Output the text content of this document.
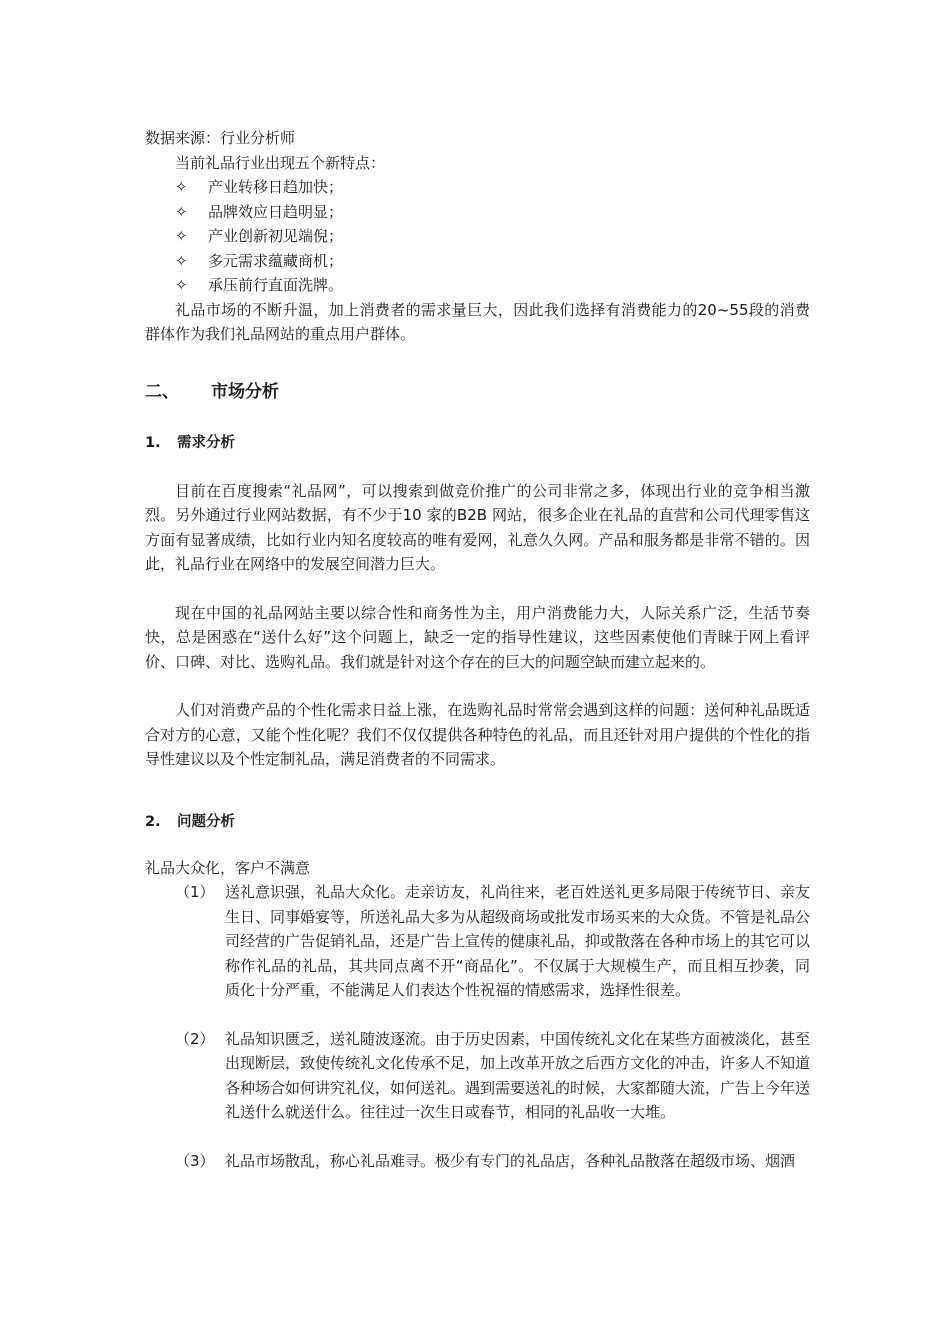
数据来源：行业分析师

当前礼品行业出现五个新特点：

✧	产业转移日趋加快；
✧	品牌效应日趋明显；
✧	产业创新初见端倪；
✧	多元需求蕴藏商机；
✧	承压前行直面洗牌。

礼品市场的不断升温，加上消费者的需求量巨大，因此我们选择有消费能力的20~55段的消费群体作为我们礼品网站的重点用户群体。

二、	市场分析
1.	需求分析

目前在百度搜索“礼品网”，可以搜索到做竞价推广的公司非常之多，体现出行业的竞争相当激烈。另外通过行业网站数据，有不少于10 家的B2B 网站，很多企业在礼品的直营和公司代理零售这方面有显著成绩，比如行业内知名度较高的唯有爱网，礼意久久网。产品和服务都是非常不错的。因此，礼品行业在网络中的发展空间潜力巨大。

现在中国的礼品网站主要以综合性和商务性为主，用户消费能力大，人际关系广泛，生活节奏快，总是困惑在“送什么好”这个问题上，缺乏一定的指导性建议，这些因素使他们青睐于网上看评价、口碑、对比、选购礼品。我们就是针对这个存在的巨大的问题空缺而建立起来的。

人们对消费产品的个性化需求日益上涨，在选购礼品时常常会遇到这样的问题：送何种礼品既适合对方的心意，又能个性化呢？我们不仅仅提供各种特色的礼品，而且还针对用户提供的个性化的指导性建议以及个性定制礼品，满足消费者的不同需求。

2.	问题分析

礼品大众化，客户不满意

（1） 送礼意识强，礼品大众化。走亲访友，礼尚往来，老百姓送礼更多局限于传统节日、亲友生日、同事婚宴等，所送礼品大多为从超级商场或批发市场买来的大众货。不管是礼品公司经营的广告促销礼品，还是广告上宣传的健康礼品，抑或散落在各种市场上的其它可以称作礼品的礼品，其共同点离不开“商品化”。不仅属于大规模生产，而且相互抄袭，同质化十分严重，不能满足人们表达个性祝福的情感需求，选择性很差。

（2） 礼品知识匮乏，送礼随波逐流。由于历史因素，中国传统礼文化在某些方面被淡化，甚至出现断层，致使传统礼文化传承不足，加上改革开放之后西方文化的冲击，许多人不知道各种场合如何讲究礼仪，如何送礼。遇到需要送礼的时候，大家都随大流，广告上今年送礼送什么就送什么。往往过一次生日或春节，相同的礼品收一大堆。

（3） 礼品市场散乱，称心礼品难寻。极少有专门的礼品店，各种礼品散落在超级市场、烟酒
